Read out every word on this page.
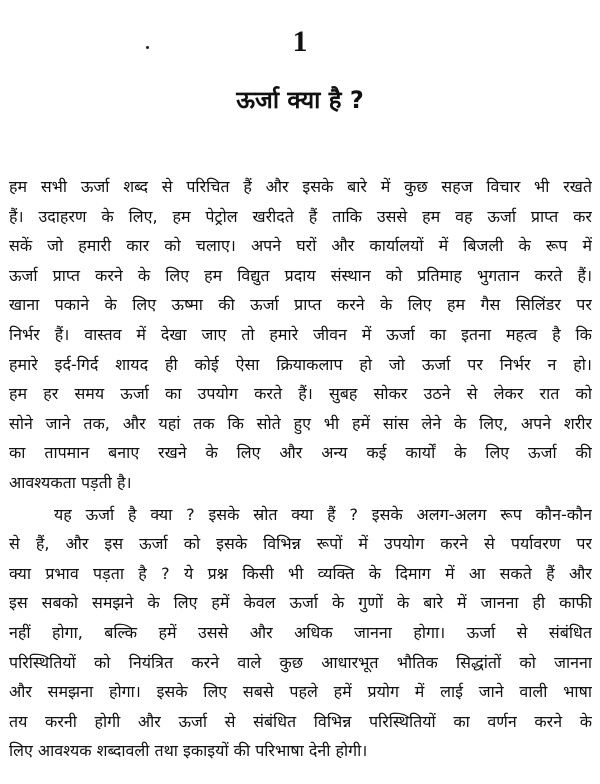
1
ऊर्जा क्या है ?

हम सभी ऊर्जा शब्द से परिचित हैं और इसके बारे में कुछ सहज विचार भी रखते
हैं। उदाहरण के लिए, हम पेट्रोल खरीदते हैं ताकि उससे हम वह ऊर्जा प्राप्त कर
सकें जो हमारी कार को चलाए। अपने घरों और कार्यालयों में बिजली के रूप में
ऊर्जा प्राप्त करने के लिए हम विद्युत प्रदाय संस्थान को प्रतिमाह भुगतान करते हैं।
खाना पकाने के लिए ऊष्मा की ऊर्जा प्राप्त करने के लिए हम गैस सिलिंडर पर
निर्भर हैं। वास्तव में देखा जाए तो हमारे जीवन में ऊर्जा का इतना महत्व है कि
हमारे इर्द-गिर्द शायद ही कोई ऐसा क्रियाकलाप हो जो ऊर्जा पर निर्भर न हो।
हम हर समय ऊर्जा का उपयोग करते हैं। सुबह सोकर उठने से लेकर रात को
सोने जाने तक, और यहां तक कि सोते हुए भी हमें सांस लेने के लिए, अपने शरीर
का तापमान बनाए रखने के लिए और अन्य कई कार्यों के लिए ऊर्जा की
आवश्यकता पड़ती है।

यह ऊर्जा है क्या ? इसके स्रोत क्या हैं ? इसके अलग-अलग रूप कौन-कौन
से हैं, और इस ऊर्जा को इसके विभिन्न रूपों में उपयोग करने से पर्यावरण पर
क्या प्रभाव पड़ता है ? ये प्रश्न किसी भी व्यक्ति के दिमाग में आ सकते हैं और
इस सबको समझने के लिए हमें केवल ऊर्जा के गुणों के बारे में जानना ही काफी
नहीं होगा, बल्कि हमें उससे और अधिक जानना होगा। ऊर्जा से संबंधित
परिस्थितियों को नियंत्रित करने वाले कुछ आधारभूत भौतिक सिद्धांतों को जानना
और समझना होगा। इसके लिए सबसे पहले हमें प्रयोग में लाई जाने वाली भाषा
तय करनी होगी और ऊर्जा से संबंधित विभिन्न परिस्थितियों का वर्णन करने के
लिए आवश्यक शब्दावली तथा इकाइयों की परिभाषा देनी होगी।
